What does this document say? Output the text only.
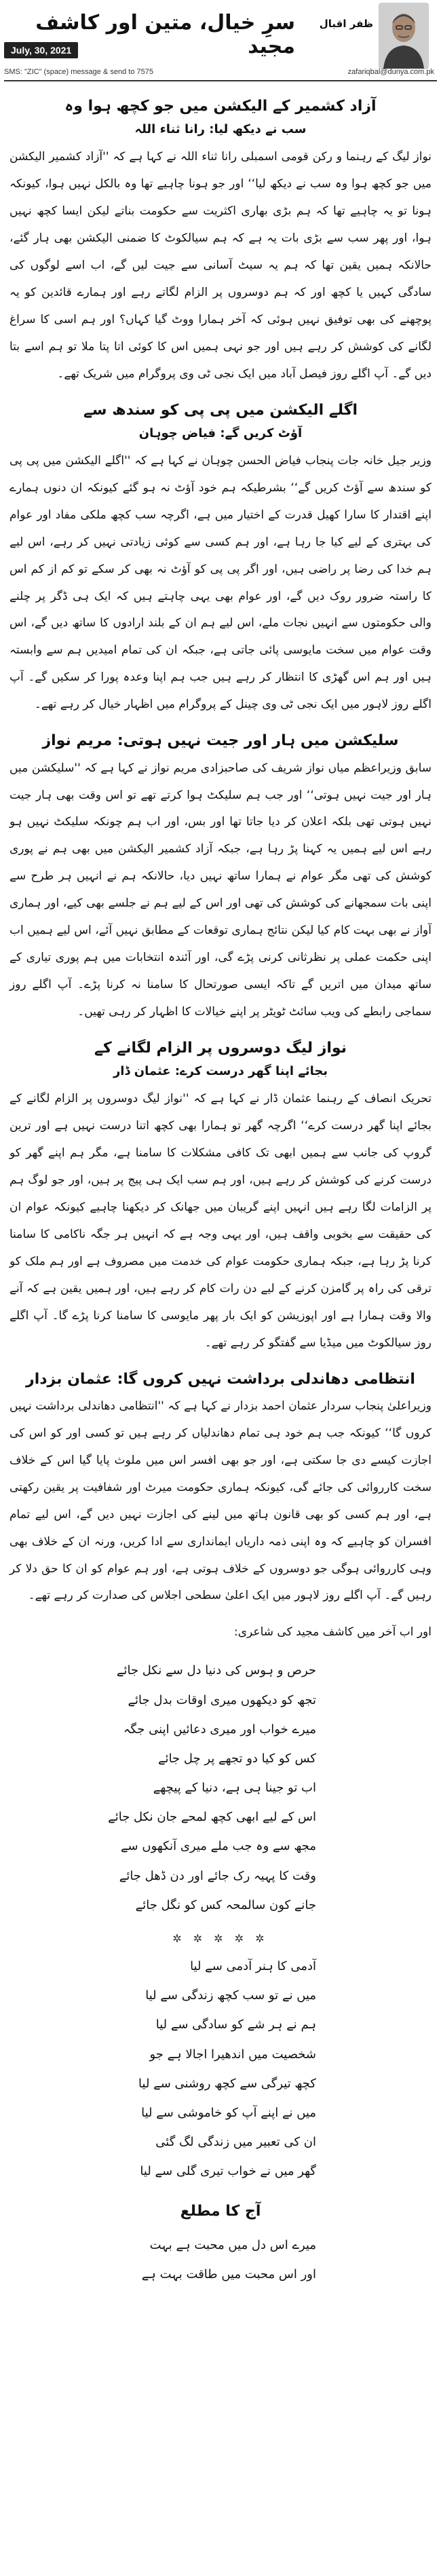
ظفر اقبال
سرِ خیال، متین اور کاشف مجید
July, 30, 2021
SMS: "ZIC" (space) message & send to 7575	zafariqbal@dunya.com.pk
آزاد کشمیر کے الیکشن میں جو کچھ ہوا وہ
سب نے دیکھ لیا: رانا ثناء اللہ

نواز لیگ کے رہنما و رکن قومی اسمبلی رانا ثناء اللہ نے کہا ہے کہ ''آزاد کشمیر الیکشن میں جو کچھ ہوا وہ سب نے دیکھ لیا‘‘ اور جو ہونا چاہیے تھا وہ بالکل نہیں ہوا، کیونکہ ہونا تو یہ چاہیے تھا کہ ہم بڑی بھاری اکثریت سے حکومت بناتے لیکن ایسا کچھ نہیں ہوا، اور پھر سب سے بڑی بات یہ ہے کہ ہم سیالکوٹ کا ضمنی الیکشن بھی ہار گئے، حالانکہ ہمیں یقین تھا کہ ہم یہ سیٹ آسانی سے جیت لیں گے، اب اسے لوگوں کی سادگی کہیں یا کچھ اور کہ ہم دوسروں پر الزام لگاتے رہے اور ہمارے قائدین کو یہ پوچھنے کی بھی توفیق نہیں ہوئی کہ آخر ہمارا ووٹ گیا کہاں؟ اور ہم اسی کا سراغ لگانے کی کوشش کر رہے ہیں اور جو نہی ہمیں اس کا کوئی اتا پتا ملا تو ہم اسے بتا دیں گے۔ آپ اگلے روز فیصل آباد میں ایک نجی ٹی وی پروگرام میں شریک تھے۔

اگلے الیکشن میں پی پی کو سندھ سے
آؤٹ کریں گے: فیاض چوہان

وزیر جیل خانہ جات پنجاب فیاض الحسن چوہان نے کہا ہے کہ ''اگلے الیکشن میں پی پی کو سندھ سے آؤٹ کریں گے‘‘ بشرطیکہ ہم خود آؤٹ نہ ہو گئے کیونکہ ان دنوں ہمارے اپنے اقتدار کا سارا کھیل قدرت کے اختیار میں ہے، اگرچہ سب کچھ ملکی مفاد اور عوام کی بہتری کے لیے کیا جا رہا ہے، اور ہم کسی سے کوئی زیادتی نہیں کر رہے، اس لیے ہم خدا کی رضا پر راضی ہیں، اور اگر پی پی کو آؤٹ نہ بھی کر سکے تو کم از کم اس کا راستہ ضرور روک دیں گے، اور عوام بھی یہی چاہتے ہیں کہ ایک ہی ڈگر پر چلنے والی حکومتوں سے انہیں نجات ملے، اس لیے ہم ان کے بلند ارادوں کا ساتھ دیں گے، اس وقت عوام میں سخت مایوسی پائی جاتی ہے، جبکہ ان کی تمام امیدیں ہم سے وابستہ ہیں اور ہم اس گھڑی کا انتظار کر رہے ہیں جب ہم اپنا وعدہ پورا کر سکیں گے۔ آپ اگلے روز لاہور میں ایک نجی ٹی وی چینل کے پروگرام میں اظہار خیال کر رہے تھے۔

سلیکشن میں ہار اور جیت نہیں ہوتی: مریم نواز

سابق وزیراعظم میاں نواز شریف کی صاحبزادی مریم نواز نے کہا ہے کہ ''سلیکشن میں ہار اور جیت نہیں ہوتی‘‘ اور جب ہم سلیکٹ ہوا کرتے تھے تو اس وقت بھی ہار جیت نہیں ہوتی تھی بلکہ اعلان کر دیا جاتا تھا اور بس، اور اب ہم چونکہ سلیکٹ نہیں ہو رہے اس لیے ہمیں یہ کہنا پڑ رہا ہے، جبکہ آزاد کشمیر الیکشن میں بھی ہم نے پوری کوشش کی تھی مگر عوام نے ہمارا ساتھ نہیں دیا، حالانکہ ہم نے انہیں ہر طرح سے اپنی بات سمجھانے کی کوشش کی تھی اور اس کے لیے ہم نے جلسے بھی کیے، اور ہماری آواز نے بھی بہت کام کیا لیکن نتائج ہماری توقعات کے مطابق نہیں آئے، اس لیے ہمیں اب اپنی حکمت عملی پر نظرثانی کرنی پڑے گی، اور آئندہ انتخابات میں ہم پوری تیاری کے ساتھ میدان میں اتریں گے تاکہ ایسی صورتحال کا سامنا نہ کرنا پڑے۔ آپ اگلے روز سماجی رابطے کی ویب سائٹ ٹویٹر پر اپنے خیالات کا اظہار کر رہی تھیں۔

نواز لیگ دوسروں پر الزام لگانے کے
بجائے اپنا گھر درست کرے: عثمان ڈار

تحریک انصاف کے رہنما عثمان ڈار نے کہا ہے کہ ''نواز لیگ دوسروں پر الزام لگانے کے بجائے اپنا گھر درست کرے‘‘ اگرچہ گھر تو ہمارا بھی کچھ اتنا درست نہیں ہے اور ترین گروپ کی جانب سے ہمیں ابھی تک کافی مشکلات کا سامنا ہے، مگر ہم اپنے گھر کو درست کرنے کی کوشش کر رہے ہیں، اور ہم سب ایک ہی پیج پر ہیں، اور جو لوگ ہم پر الزامات لگا رہے ہیں انہیں اپنے گریبان میں جھانک کر دیکھنا چاہیے کیونکہ عوام ان کی حقیقت سے بخوبی واقف ہیں، اور یہی وجہ ہے کہ انہیں ہر جگہ ناکامی کا سامنا کرنا پڑ رہا ہے، جبکہ ہماری حکومت عوام کی خدمت میں مصروف ہے اور ہم ملک کو ترقی کی راہ پر گامزن کرنے کے لیے دن رات کام کر رہے ہیں، اور ہمیں یقین ہے کہ آنے والا وقت ہمارا ہے اور اپوزیشن کو ایک بار پھر مایوسی کا سامنا کرنا پڑے گا۔ آپ اگلے روز سیالکوٹ میں میڈیا سے گفتگو کر رہے تھے۔

انتظامی دھاندلی برداشت نہیں کروں گا: عثمان بزدار

وزیراعلیٰ پنجاب سردار عثمان احمد بزدار نے کہا ہے کہ ''انتظامی دھاندلی برداشت نہیں کروں گا‘‘ کیونکہ جب ہم خود ہی تمام دھاندلیاں کر رہے ہیں تو کسی اور کو اس کی اجازت کیسے دی جا سکتی ہے، اور جو بھی افسر اس میں ملوث پایا گیا اس کے خلاف سخت کارروائی کی جائے گی، کیونکہ ہماری حکومت میرٹ اور شفافیت پر یقین رکھتی ہے، اور ہم کسی کو بھی قانون ہاتھ میں لینے کی اجازت نہیں دیں گے، اس لیے تمام افسران کو چاہیے کہ وہ اپنی ذمہ داریاں ایمانداری سے ادا کریں، ورنہ ان کے خلاف بھی وہی کارروائی ہوگی جو دوسروں کے خلاف ہوتی ہے، اور ہم عوام کو ان کا حق دلا کر رہیں گے۔ آپ اگلے روز لاہور میں ایک اعلیٰ سطحی اجلاس کی صدارت کر رہے تھے۔

اور اب آخر میں کاشف مجید کی شاعری:

حرص و ہوس کی دنیا دل سے نکل جائے
تجھ کو دیکھوں میری اوقات بدل جائے
میرے خواب اور میری دعائیں اپنی جگہ
کس کو کیا دو تجھے پر چل جائے
اب تو جینا ہی ہے، دنیا کے پیچھے
اس کے لیے ابھی کچھ لمحے جان نکل جائے
مجھ سے وہ جب ملے میری آنکھوں سے
وقت کا پہیہ رک جائے اور دن ڈھل جائے
جانے کون سالمحہ کس کو نگل جائے
✲ ✲ ✲ ✲ ✲
آدمی کا ہنر آدمی سے لیا
میں نے تو سب کچھ زندگی سے لیا
ہم نے ہر شے کو سادگی سے لیا
شخصیت میں اندھیرا اجالا ہے جو
کچھ تیرگی سے کچھ روشنی سے لیا
میں نے اپنے آپ کو خاموشی سے لیا
ان کی تعبیر میں زندگی لگ گئی
گھر میں نے خواب تیری گلی سے لیا
آج کا مطلع
میرے اس دل میں محبت ہے بہت
اور اس محبت میں طاقت بہت ہے
